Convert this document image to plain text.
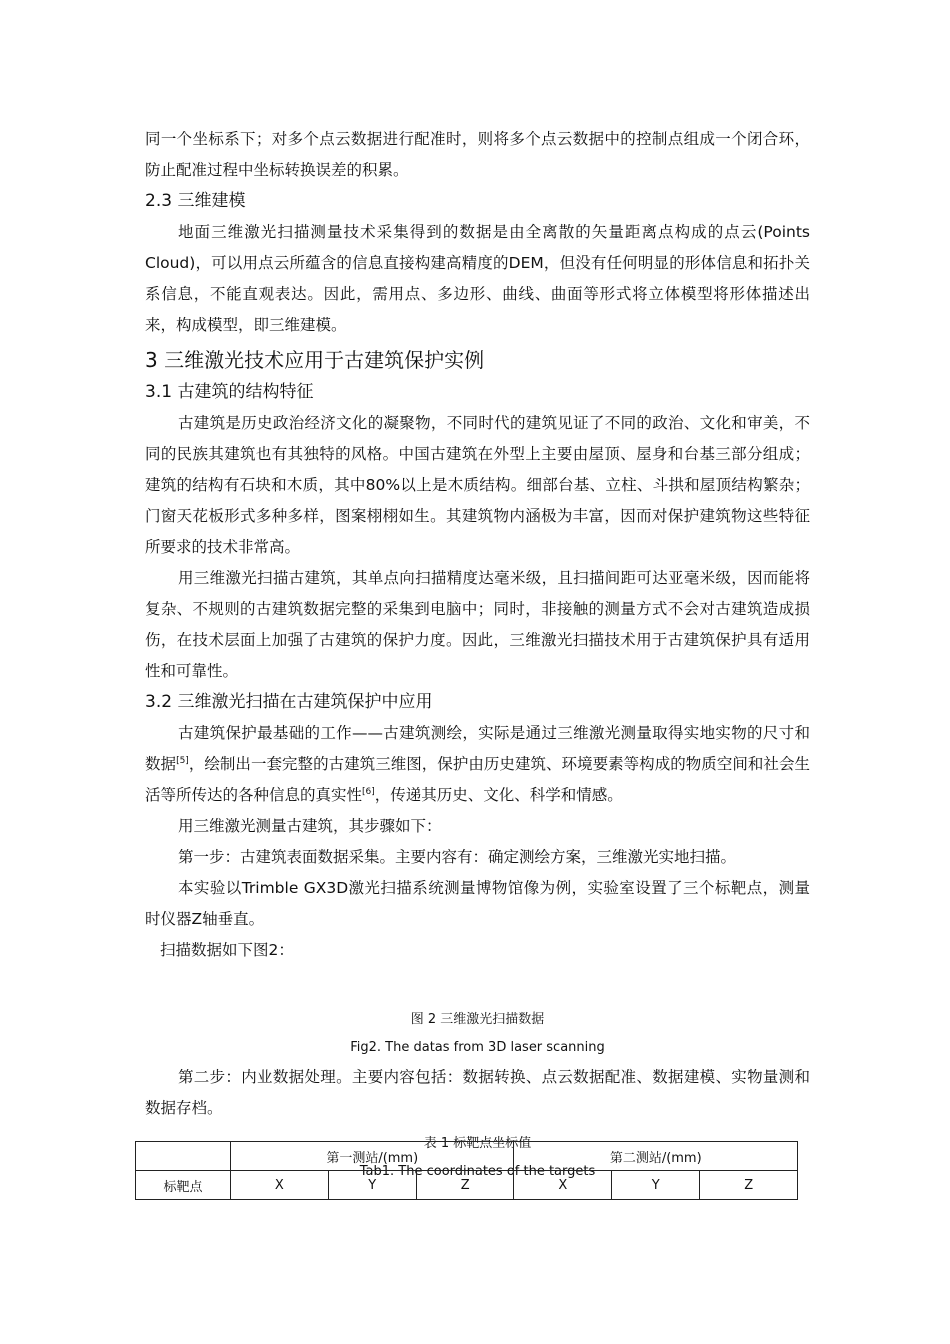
同一个坐标系下；对多个点云数据进行配准时，则将多个点云数据中的控制点组成一个闭合环，防止配准过程中坐标转换误差的积累。

2.3 三维建模

地面三维激光扫描测量技术采集得到的数据是由全离散的矢量距离点构成的点云(Points Cloud)，可以用点云所蕴含的信息直接构建高精度的DEM，但没有任何明显的形体信息和拓扑关系信息，不能直观表达。因此，需用点、多边形、曲线、曲面等形式将立体模型将形体描述出来，构成模型，即三维建模。

3 三维激光技术应用于古建筑保护实例
3.1 古建筑的结构特征

古建筑是历史政治经济文化的凝聚物，不同时代的建筑见证了不同的政治、文化和审美，不同的民族其建筑也有其独特的风格。中国古建筑在外型上主要由屋顶、屋身和台基三部分组成；建筑的结构有石块和木质，其中80%以上是木质结构。细部台基、立柱、斗拱和屋顶结构繁杂；门窗天花板形式多种多样，图案栩栩如生。其建筑物内涵极为丰富，因而对保护建筑物这些特征所要求的技术非常高。

用三维激光扫描古建筑，其单点向扫描精度达毫米级，且扫描间距可达亚毫米级，因而能将复杂、不规则的古建筑数据完整的采集到电脑中；同时，非接触的测量方式不会对古建筑造成损伤，在技术层面上加强了古建筑的保护力度。因此，三维激光扫描技术用于古建筑保护具有适用性和可靠性。

3.2 三维激光扫描在古建筑保护中应用

古建筑保护最基础的工作——古建筑测绘，实际是通过三维激光测量取得实地实物的尺寸和数据[5]，绘制出一套完整的古建筑三维图，保护由历史建筑、环境要素等构成的物质空间和社会生活等所传达的各种信息的真实性[6]，传递其历史、文化、科学和情感。

用三维激光测量古建筑，其步骤如下：

第一步：古建筑表面数据采集。主要内容有：确定测绘方案，三维激光实地扫描。

本实验以Trimble GX3D激光扫描系统测量博物馆像为例，实验室设置了三个标靶点，测量时仪器Z轴垂直。

扫描数据如下图2：

图 2 三维激光扫描数据

Fig2. The datas from 3D laser scanning

第二步：内业数据处理。主要内容包括：数据转换、点云数据配准、数据建模、实物量测和数据存档。

表 1 标靶点坐标值

Tab1. The coordinates of the targets

	第一测站/(mm)			第二测站/(mm)		
标靶点	X	Y	Z	X	Y	Z
